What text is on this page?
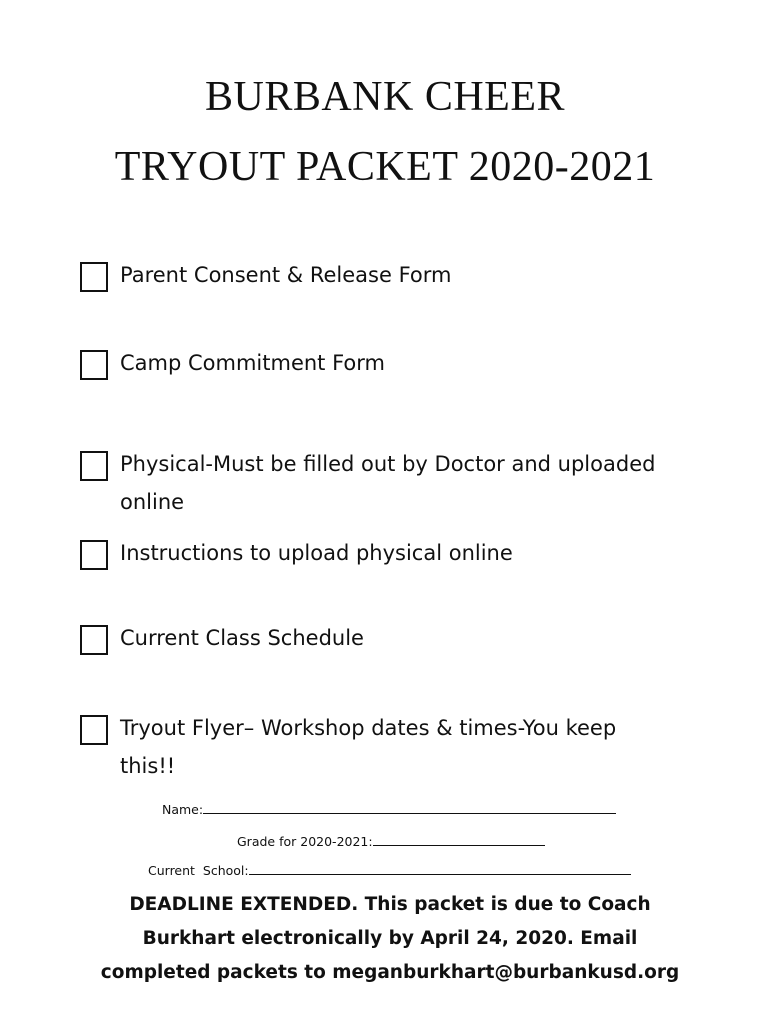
BURBANK CHEER
TRYOUT PACKET 2020-2021
Parent Consent & Release Form
Camp Commitment Form
Physical-Must be filled out by Doctor and uploaded online
Instructions to upload physical online
Current Class Schedule
Tryout Flyer– Workshop dates & times-You keep this!!
Name:
Grade for 2020-2021:
Current  School:
DEADLINE EXTENDED. This packet is due to Coach Burkhart electronically by April 24, 2020. Email completed packets to meganburkhart@burbankusd.org
